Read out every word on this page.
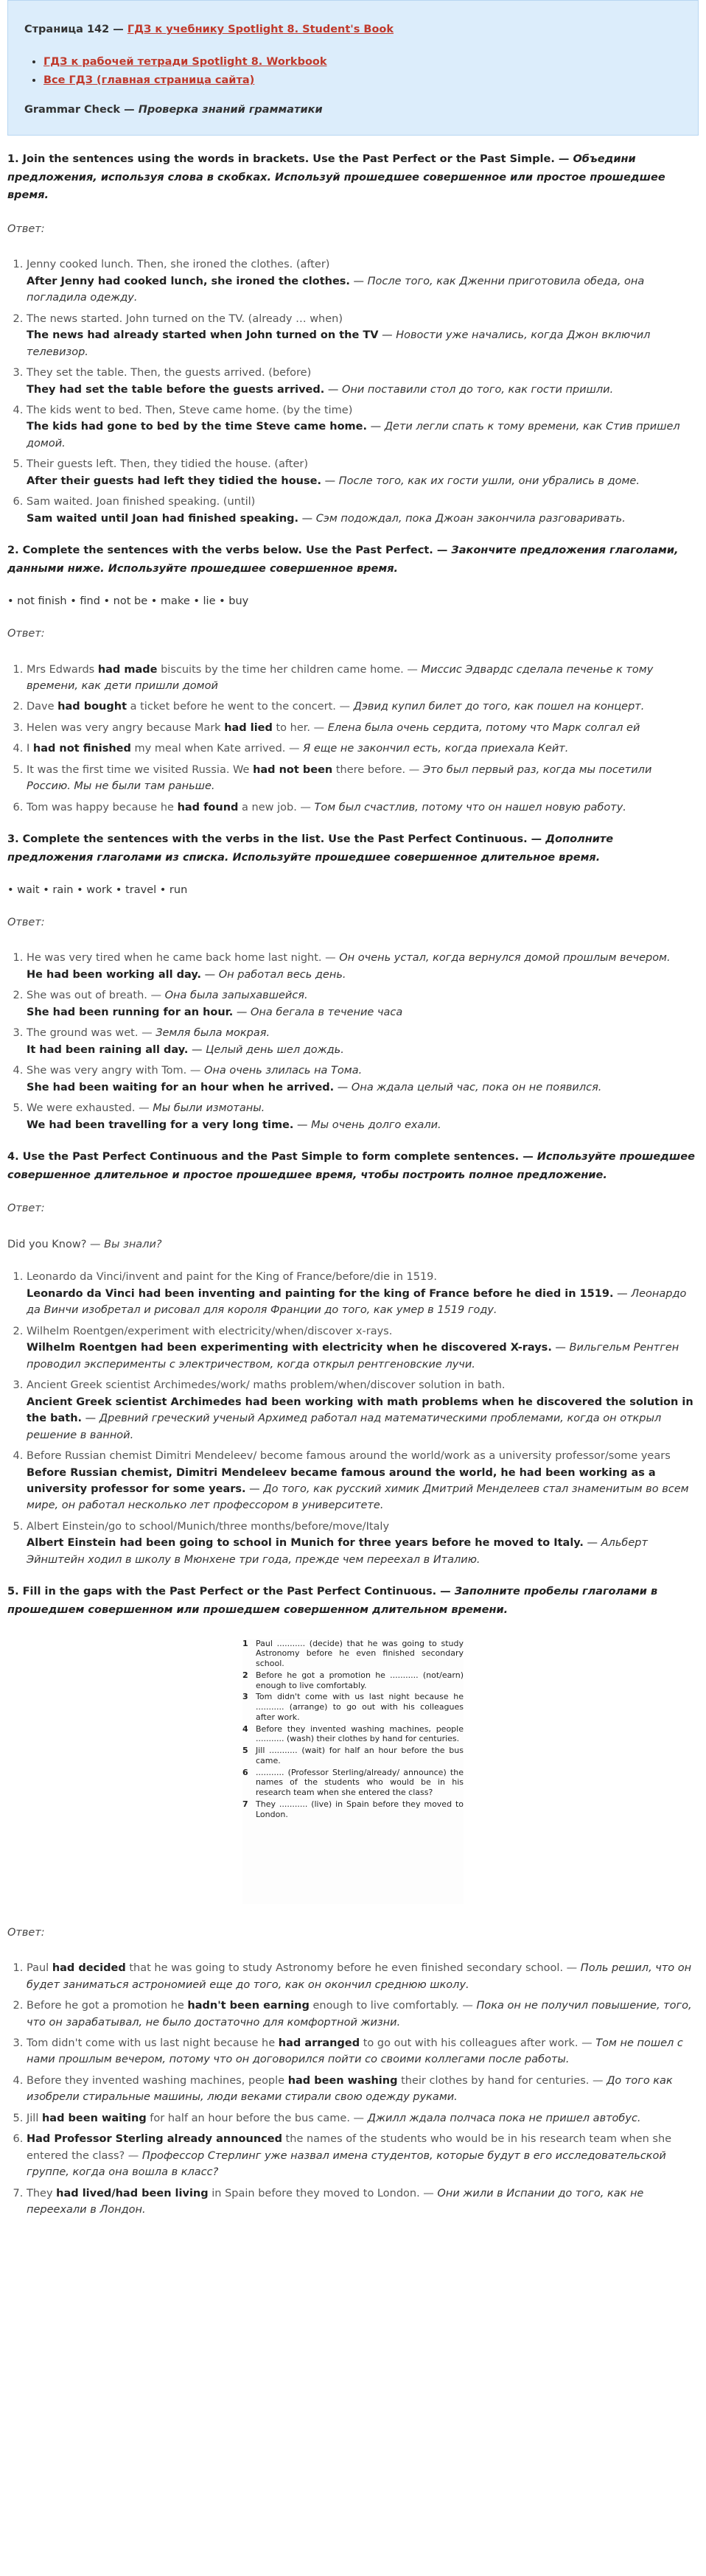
Страница 142 — ГДЗ к учебнику Spotlight 8. Student's Book
• ГДЗ к рабочей тетради Spotlight 8. Workbook
• Все ГДЗ (главная страница сайта)
Grammar Check — Проверка знаний грамматики
1. Join the sentences using the words in brackets. Use the Past Perfect or the Past Simple. — Объедини предложения, используя слова в скобках. Используй прошедшее совершенное или простое прошедшее время.
Ответ:
1. Jenny cooked lunch. Then, she ironed the clothes. (after)
After Jenny had cooked lunch, she ironed the clothes. — После того, как Дженни приготовила обеда, она погладила одежду.
2. The news started. John turned on the TV. (already … when)
The news had already started when John turned on the TV — Новости уже начались, когда Джон включил телевизор.
3. They set the table. Then, the guests arrived. (before)
They had set the table before the guests arrived. — Они поставили стол до того, как гости пришли.
4. The kids went to bed. Then, Steve came home. (by the time)
The kids had gone to bed by the time Steve came home. — Дети легли спать к тому времени, как Стив пришел домой.
5. Their guests left. Then, they tidied the house. (after)
After their guests had left they tidied the house. — После того, как их гости ушли, они убрались в доме.
6. Sam waited. Joan finished speaking. (until)
Sam waited until Joan had finished speaking. — Сэм подождал, пока Джоан закончила разговаривать.
2. Complete the sentences with the verbs below. Use the Past Perfect. — Закончите предложения глаголами, данными ниже. Используйте прошедшее совершенное время.
• not finish • find • not be • make • lie • buy
Ответ:
1. Mrs Edwards had made biscuits by the time her children came home. — Миссис Эдвардс сделала печенье к тому времени, как дети пришли домой
2. Dave had bought a ticket before he went to the concert. — Дэвид купил билет до того, как пошел на концерт.
3. Helen was very angry because Mark had lied to her. — Елена была очень сердита, потому что Марк солгал ей
4. I had not finished my meal when Kate arrived. — Я еще не закончил есть, когда приехала Кейт.
5. It was the first time we visited Russia. We had not been there before. — Это был первый раз, когда мы посетили Россию. Мы не были там раньше.
6. Tom was happy because he had found a new job. — Том был счастлив, потому что он нашел новую работу.
3. Complete the sentences with the verbs in the list. Use the Past Perfect Continuous. — Дополните предложения глаголами из списка. Используйте прошедшее совершенное длительное время.
• wait • rain • work • travel • run
Ответ:
1. He was very tired when he came back home last night. — Он очень устал, когда вернулся домой прошлым вечером.
He had been working all day. — Он работал весь день.
2. She was out of breath. — Она была запыхавшейся.
She had been running for an hour. — Она бегала в течение часа
3. The ground was wet. — Земля была мокрая.
It had been raining all day. — Целый день шел дождь.
4. She was very angry with Tom. — Она очень злилась на Тома.
She had been waiting for an hour when he arrived. — Она ждала целый час, пока он не появился.
5. We were exhausted. — Мы были измотаны.
We had been travelling for a very long time. — Мы очень долго ехали.
4. Use the Past Perfect Continuous and the Past Simple to form complete sentences. — Используйте прошедшее совершенное длительное и простое прошедшее время, чтобы построить полное предложение.
Ответ:
Did you Know? — Вы знали?
1. Leonardo da Vinci/invent and paint for the King of France/before/die in 1519.
Leonardo da Vinci had been inventing and painting for the king of France before he died in 1519. — Леонардо да Винчи изобретал и рисовал для короля Франции до того, как умер в 1519 году.
2. Wilhelm Roentgen/experiment with electricity/when/discover x-rays.
Wilhelm Roentgen had been experimenting with electricity when he discovered X-rays. — Вильгельм Рентген проводил эксперименты с электричеством, когда открыл рентгеновские лучи.
3. Ancient Greek scientist Archimedes/work/ maths problem/when/discover solution in bath.
Ancient Greek scientist Archimedes had been working with math problems when he discovered the solution in the bath. — Древний греческий ученый Архимед работал над математическими проблемами, когда он открыл решение в ванной.
4. Before Russian chemist Dimitri Mendeleev/ become famous around the world/work as a university professor/some years
Before Russian chemist, Dimitri Mendeleev became famous around the world, he had been working as a university professor for some years. — До того, как русский химик Дмитрий Менделеев стал знаменитым во всем мире, он работал несколько лет профессором в университете.
5. Albert Einstein/go to school/Munich/three months/before/move/Italy
Albert Einstein had been going to school in Munich for three years before he moved to Italy. — Альберт Эйнштейн ходил в школу в Мюнхене три года, прежде чем переехал в Италию.
5. Fill in the gaps with the Past Perfect or the Past Perfect Continuous. — Заполните пробелы глаголами в прошедшем совершенном или прошедшем совершенном длительном времени.
1 Paul ........... (decide) that he was going to study Astronomy before he even finished secondary school.
2 Before he got a promotion he ........... (not/earn) enough to live comfortably.
3 Tom didn't come with us last night because he ........... (arrange) to go out with his colleagues after work.
4 Before they invented washing machines, people ........... (wash) their clothes by hand for centuries.
5 Jill ........... (wait) for half an hour before the bus came.
6 ........... (Professor Sterling/already/ announce) the names of the students who would be in his research team when she entered the class?
7 They ........... (live) in Spain before they moved to London.
Ответ:
1. Paul had decided that he was going to study Astronomy before he even finished secondary school. — Поль решил, что он будет заниматься астрономией еще до того, как он окончил среднюю школу.
2. Before he got a promotion he hadn't been earning enough to live comfortably. — Пока он не получил повышение, того, что он зарабатывал, не было достаточно для комфортной жизни.
3. Tom didn't come with us last night because he had arranged to go out with his colleagues after work. — Том не пошел с нами прошлым вечером, потому что он договорился пойти со своими коллегами после работы.
4. Before they invented washing machines, people had been washing their clothes by hand for centuries. — До того как изобрели стиральные машины, люди веками стирали свою одежду руками.
5. Jill had been waiting for half an hour before the bus came. — Джилл ждала полчаса пока не пришел автобус.
6. Had Professor Sterling already announced the names of the students who would be in his research team when she entered the class? — Профессор Стерлинг уже назвал имена студентов, которые будут в его исследовательской группе, когда она вошла в класс?
7. They had lived/had been living in Spain before they moved to London. — Они жили в Испании до того, как не переехали в Лондон.
